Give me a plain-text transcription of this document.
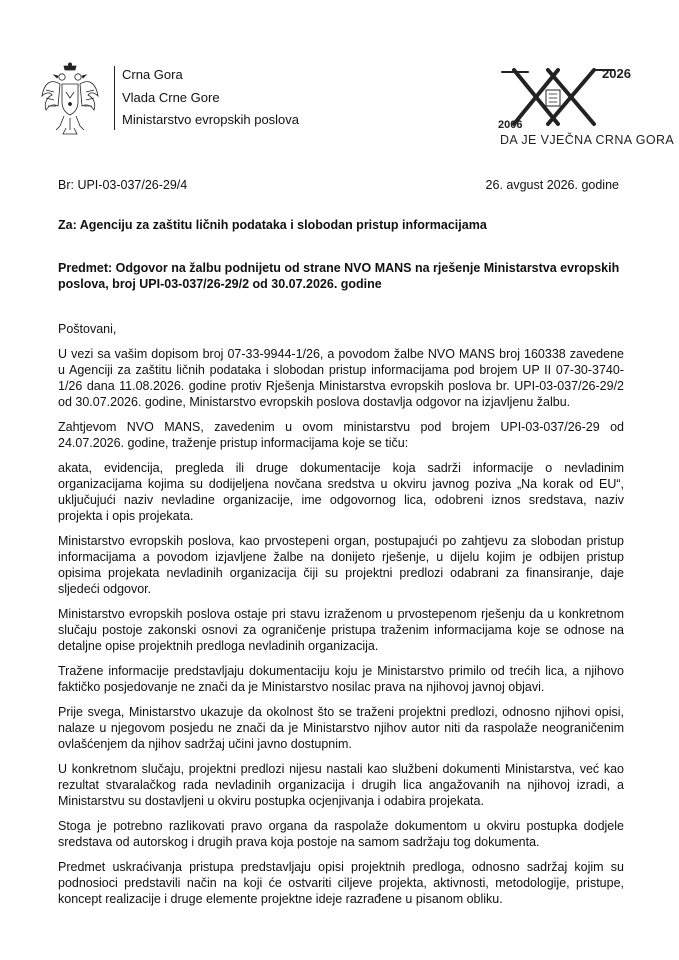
Crna Gora
Vlada Crne Gore
Ministarstvo evropskih poslova
2026
2006
DA JE VJEČNA CRNA GORA
Br: UPI-03-037/26-29/4	26. avgust 2026. godine
Za: Agenciju za zaštitu ličnih podataka i slobodan pristup informacijama
Predmet: Odgovor na žalbu podnijetu od strane NVO MANS na rješenje Ministarstva evropskih poslova, broj UPI-03-037/26-29/2 od 30.07.2026. godine
Poštovani,

U vezi sa vašim dopisom broj 07-33-9944-1/26, a povodom žalbe NVO MANS broj 160338 zavedene u Agenciji za zaštitu ličnih podataka i slobodan pristup informacijama pod brojem UP II 07-30-3740-1/26 dana 11.08.2026. godine protiv Rješenja Ministarstva evropskih poslova br. UPI-03-037/26-29/2 od 30.07.2026. godine, Ministarstvo evropskih poslova dostavlja odgovor na izjavljenu žalbu.

Zahtjevom NVO MANS, zavedenim u ovom ministarstvu pod brojem UPI-03-037/26-29 od 24.07.2026. godine, traženje pristup informacijama koje se tiču:

akata, evidencija, pregleda ili druge dokumentacije koja sadrži informacije o nevladinim organizacijama kojima su dodijeljena novčana sredstva u okviru javnog poziva „Na korak od EU“, uključujući naziv nevladine organizacije, ime odgovornog lica, odobreni iznos sredstava, naziv projekta i opis projekata.

Ministarstvo evropskih poslova, kao prvostepeni organ, postupajući po zahtjevu za slobodan pristup informacijama a povodom izjavljene žalbe na donijeto rješenje, u dijelu kojim je odbijen pristup opisima projekata nevladinih organizacija čiji su projektni predlozi odabrani za finansiranje, daje sljedeći odgovor.

Ministarstvo evropskih poslova ostaje pri stavu izraženom u prvostepenom rješenju da u konkretnom slučaju postoje zakonski osnovi za ograničenje pristupa traženim informacijama koje se odnose na detaljne opise projektnih predloga nevladinih organizacija.

Tražene informacije predstavljaju dokumentaciju koju je Ministarstvo primilo od trećih lica, a njihovo faktičko posjedovanje ne znači da je Ministarstvo nosilac prava na njihovoj javnoj objavi.

Prije svega, Ministarstvo ukazuje da okolnost što se traženi projektni predlozi, odnosno njihovi opisi, nalaze u njegovom posjedu ne znači da je Ministarstvo njihov autor niti da raspolaže neograničenim ovlašćenjem da njihov sadržaj učini javno dostupnim.

U konkretnom slučaju, projektni predlozi nijesu nastali kao službeni dokumenti Ministarstva, već kao rezultat stvaralačkog rada nevladinih organizacija i drugih lica angažovanih na njihovoj izradi, a Ministarstvu su dostavljeni u okviru postupka ocjenjivanja i odabira projekata.

Stoga je potrebno razlikovati pravo organa da raspolaže dokumentom u okviru postupka dodjele sredstava od autorskog i drugih prava koja postoje na samom sadržaju tog dokumenta.

Predmet uskraćivanja pristupa predstavljaju opisi projektnih predloga, odnosno sadržaj kojim su podnosioci predstavili način na koji će ostvariti ciljeve projekta, aktivnosti, metodologije, pristupe, koncept realizacije i druge elemente projektne ideje razrađene u pisanom obliku.
